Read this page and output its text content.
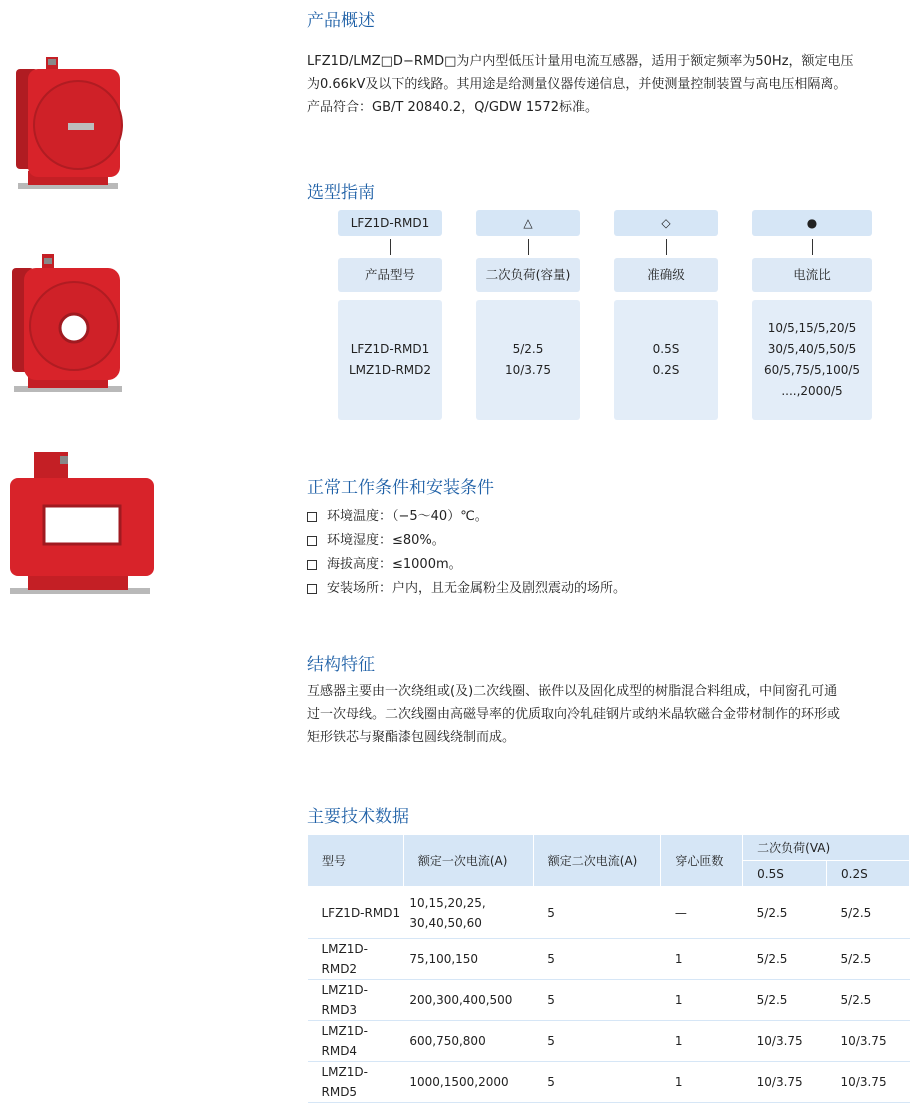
产品概述

LFZ1D/LMZ□D−RMD□为户内型低压计量用电流互感器，适用于额定频率为50Hz，额定电压

为0.66kV及以下的线路。其用途是给测量仪器传递信息，并使测量控制装置与高电压相隔离。

产品符合：GB/T 20840.2，Q/GDW 1572标准。

选型指南
LFZ1D-RMD1
产品型号
LFZ1D-RMD1
LMZ1D-RMD2
△
二次负荷(容量)
5/2.5
10/3.75
◇
准确级
0.5S
0.2S
●
电流比
10/5,15/5,20/5
30/5,40/5,50/5
60/5,75/5,100/5
....,2000/5
正常工作条件和安装条件
环境温度：（−5～40）℃。
环境湿度：≤80%。
海拔高度：≤1000m。
安装场所：户内，且无金属粉尘及剧烈震动的场所。
结构特征

互感器主要由一次绕组或(及)二次线圈、嵌件以及固化成型的树脂混合料组成，中间窗孔可通

过一次母线。二次线圈由高磁导率的优质取向冷轧硅钢片或纳米晶软磁合金带材制作的环形或

矩形铁芯与聚酯漆包圆线绕制而成。

主要技术数据
型号	额定一次电流(A)	额定二次电流(A)	穿心匝数	二次负荷(VA)	
				0.5S	0.2S
LFZ1D-RMD1	10,15,20,25,
30,40,50,60	5	—	5/2.5	5/2.5
LMZ1D-RMD2	75,100,150	5	1	5/2.5	5/2.5
LMZ1D-RMD3	200,300,400,500	5	1	5/2.5	5/2.5
LMZ1D-RMD4	600,750,800	5	1	10/3.75	10/3.75
LMZ1D-RMD5	1000,1500,2000	5	1	10/3.75	10/3.75
